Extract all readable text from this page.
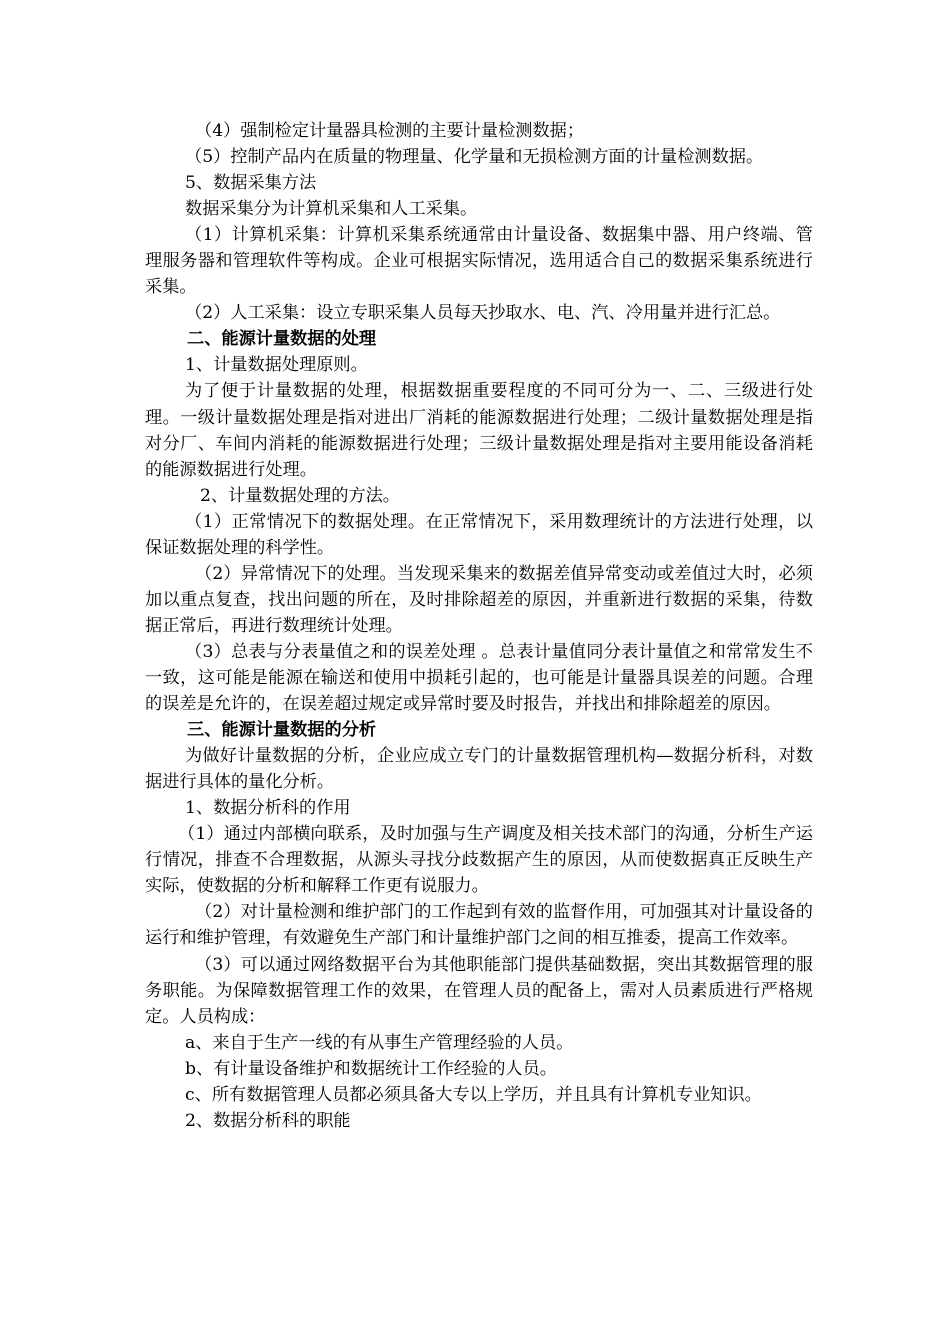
（4）强制检定计量器具检测的主要计量检测数据；

（5）控制产品内在质量的物理量、化学量和无损检测方面的计量检测数据。

5、数据采集方法

数据采集分为计算机采集和人工采集。

（1）计算机采集：计算机采集系统通常由计量设备、数据集中器、用户终端、管理服务器和管理软件等构成。企业可根据实际情况，选用适合自己的数据采集系统进行采集。

（2）人工采集：设立专职采集人员每天抄取水、电、汽、冷用量并进行汇总。

二、能源计量数据的处理

1、计量数据处理原则。

为了便于计量数据的处理，根据数据重要程度的不同可分为一、二、三级进行处理。一级计量数据处理是指对进出厂消耗的能源数据进行处理；二级计量数据处理是指对分厂、车间内消耗的能源数据进行处理；三级计量数据处理是指对主要用能设备消耗的能源数据进行处理。

2、计量数据处理的方法。

（1）正常情况下的数据处理。在正常情况下，采用数理统计的方法进行处理，以保证数据处理的科学性。

（2）异常情况下的处理。当发现采集来的数据差值异常变动或差值过大时，必须加以重点复查，找出问题的所在，及时排除超差的原因，并重新进行数据的采集，待数据正常后，再进行数理统计处理。

（3）总表与分表量值之和的误差处理 。总表计量值同分表计量值之和常常发生不一致，这可能是能源在输送和使用中损耗引起的，也可能是计量器具误差的问题。合理的误差是允许的，在误差超过规定或异常时要及时报告，并找出和排除超差的原因。

三、能源计量数据的分析

为做好计量数据的分析，企业应成立专门的计量数据管理机构—数据分析科，对数据进行具体的量化分析。

1、数据分析科的作用

（1）通过内部横向联系，及时加强与生产调度及相关技术部门的沟通，分析生产运行情况，排查不合理数据，从源头寻找分歧数据产生的原因，从而使数据真正反映生产实际，使数据的分析和解释工作更有说服力。

（2）对计量检测和维护部门的工作起到有效的监督作用，可加强其对计量设备的运行和维护管理，有效避免生产部门和计量维护部门之间的相互推委，提高工作效率。

（3）可以通过网络数据平台为其他职能部门提供基础数据，突出其数据管理的服务职能。为保障数据管理工作的效果，在管理人员的配备上，需对人员素质进行严格规定。人员构成：

a、来自于生产一线的有从事生产管理经验的人员。

b、有计量设备维护和数据统计工作经验的人员。

c、所有数据管理人员都必须具备大专以上学历，并且具有计算机专业知识。

2、数据分析科的职能
